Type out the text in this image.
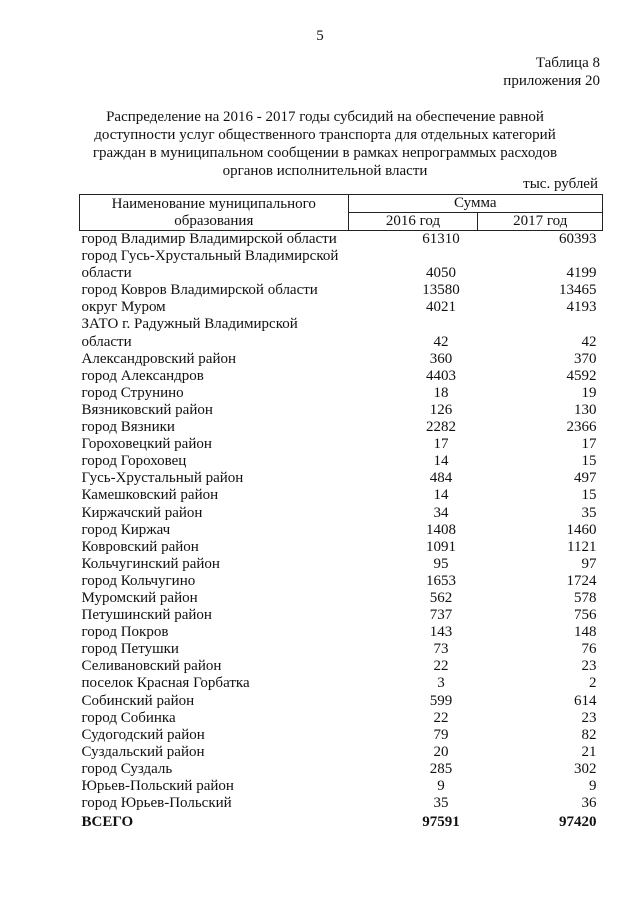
5
Таблица 8
приложения 20
Распределение на 2016 - 2017 годы субсидий на обеспечение равной
доступности услуг общественного транспорта для отдельных категорий
граждан в муниципальном сообщении в рамках непрограммых расходов
органов исполнительной власти
тыс. рублей
Наименование муниципального
образования	Сумма	
	2016 год	2017 год
город Владимир Владимирской области	61310	60393
город Гусь-Хрустальный Владимирской		
области	4050	4199
город Ковров Владимирской области	13580	13465
округ Муром	4021	4193
ЗАТО г. Радужный Владимирской		
области	42	42
Александровский район	360	370
город Александров	4403	4592
город Струнино	18	19
Вязниковский район	126	130
город Вязники	2282	2366
Гороховецкий район	17	17
город Гороховец	14	15
Гусь-Хрустальный район	484	497
Камешковский район	14	15
Киржачский район	34	35
город Киржач	1408	1460
Ковровский район	1091	1121
Кольчугинский район	95	97
город Кольчугино	1653	1724
Муромский район	562	578
Петушинский район	737	756
город Покров	143	148
город Петушки	73	76
Селивановский район	22	23
поселок Красная Горбатка	3	2
Собинский район	599	614
город Собинка	22	23
Судогодский район	79	82
Суздальский район	20	21
город Суздаль	285	302
Юрьев-Польский район	9	9
город Юрьев-Польский	35	36
ВСЕГО	97591	97420
